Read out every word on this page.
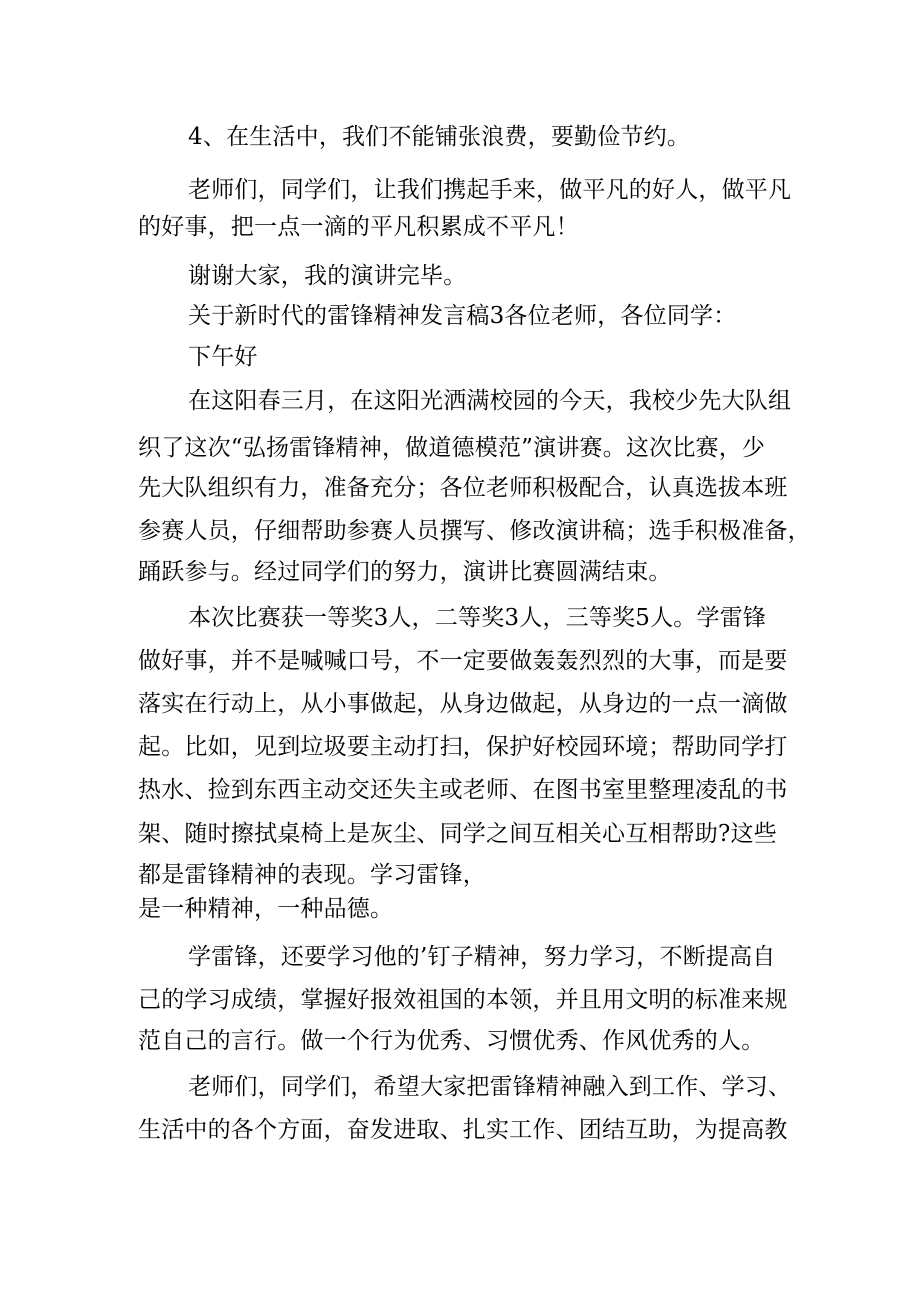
4、在生活中，我们不能铺张浪费，要勤俭节约。
老师们，同学们，让我们携起手来，做平凡的好人，做平凡
的好事，把一点一滴的平凡积累成不平凡！
谢谢大家，我的演讲完毕。
关于新时代的雷锋精神发言稿3各位老师，各位同学：
下午好
在这阳春三月，在这阳光洒满校园的今天，我校少先大队组
织了这次“弘扬雷锋精神，做道德模范”演讲赛。这次比赛，少
先大队组织有力，准备充分；各位老师积极配合，认真选拔本班
参赛人员，仔细帮助参赛人员撰写、修改演讲稿；选手积极准备，
踊跃参与。经过同学们的努力，演讲比赛圆满结束。
本次比赛获一等奖3人，二等奖3人，三等奖5人。学雷锋
做好事，并不是喊喊口号，不一定要做轰轰烈烈的大事，而是要
落实在行动上，从小事做起，从身边做起，从身边的一点一滴做
起。比如，见到垃圾要主动打扫，保护好校园环境；帮助同学打
热水、捡到东西主动交还失主或老师、在图书室里整理凌乱的书
架、随时擦拭桌椅上是灰尘、同学之间互相关心互相帮助?这些
都是雷锋精神的表现。学习雷锋，
是一种精神，一种品德。
学雷锋，还要学习他的’钉子精神，努力学习，不断提高自
己的学习成绩，掌握好报效祖国的本领，并且用文明的标准来规
范自己的言行。做一个行为优秀、习惯优秀、作风优秀的人。
老师们，同学们，希望大家把雷锋精神融入到工作、学习、
生活中的各个方面，奋发进取、扎实工作、团结互助，为提高教
